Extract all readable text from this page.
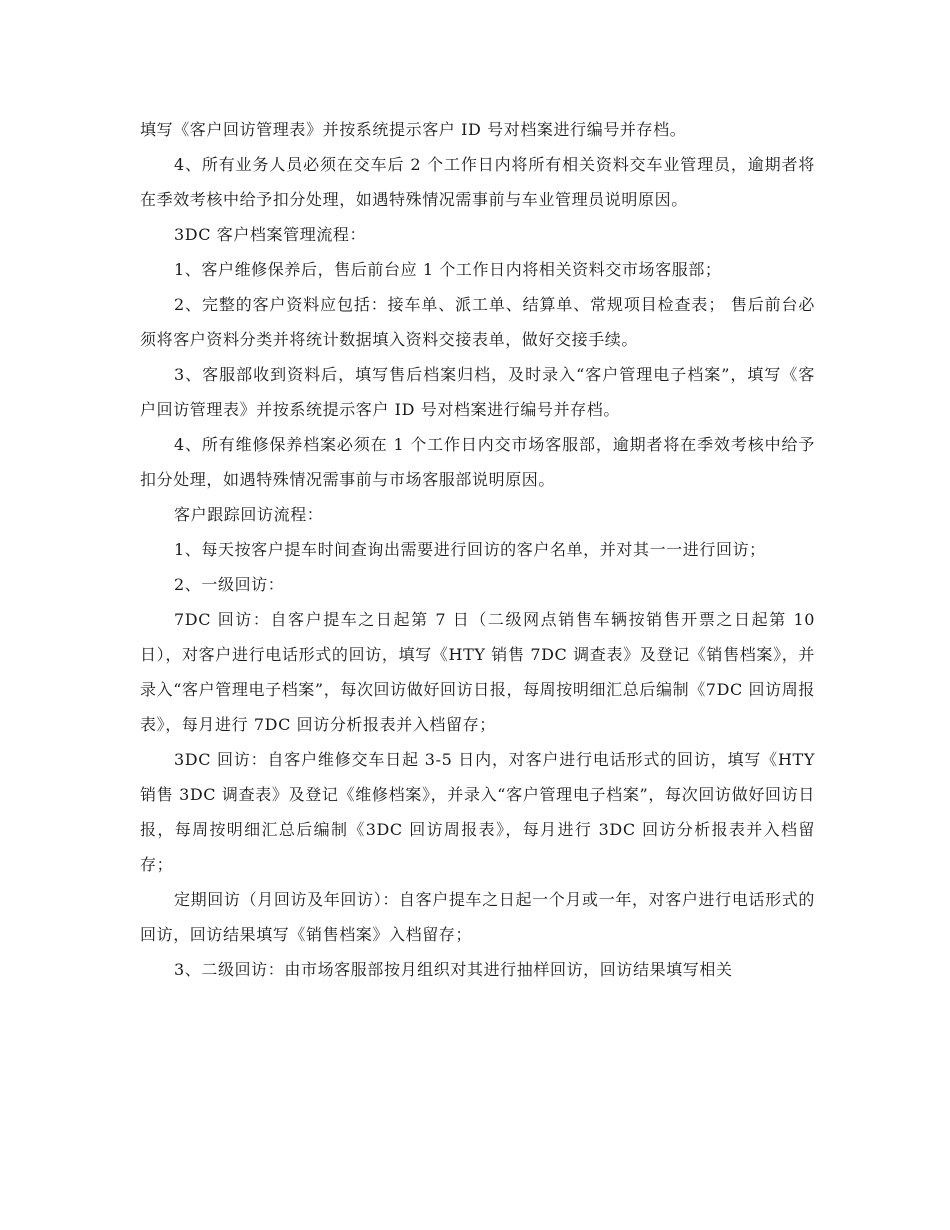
填写《客户回访管理表》并按系统提示客户 ID 号对档案进行编号并存档。

4、所有业务人员必须在交车后 2 个工作日内将所有相关资料交车业管理员，逾期者将在季效考核中给予扣分处理，如遇特殊情况需事前与车业管理员说明原因。

3DC 客户档案管理流程：

1、客户维修保养后，售后前台应 1 个工作日内将相关资料交市场客服部；

2、完整的客户资料应包括：接车单、派工单、结算单、常规项目检查表； 售后前台必须将客户资料分类并将统计数据填入资料交接表单，做好交接手续。

3、客服部收到资料后，填写售后档案归档，及时录入“客户管理电子档案”，填写《客户回访管理表》并按系统提示客户 ID 号对档案进行编号并存档。

4、所有维修保养档案必须在 1 个工作日内交市场客服部，逾期者将在季效考核中给予扣分处理，如遇特殊情况需事前与市场客服部说明原因。

客户跟踪回访流程：

1、每天按客户提车时间查询出需要进行回访的客户名单，并对其一一进行回访；

2、一级回访：

7DC 回访：自客户提车之日起第 7 日（二级网点销售车辆按销售开票之日起第 10 日），对客户进行电话形式的回访，填写《HTY 销售 7DC 调查表》及登记《销售档案》，并录入“客户管理电子档案”，每次回访做好回访日报，每周按明细汇总后编制《7DC 回访周报表》，每月进行 7DC 回访分析报表并入档留存；

3DC 回访：自客户维修交车日起 3-5 日内，对客户进行电话形式的回访，填写《HTY 销售 3DC 调查表》及登记《维修档案》，并录入“客户管理电子档案”，每次回访做好回访日报，每周按明细汇总后编制《3DC 回访周报表》，每月进行 3DC 回访分析报表并入档留存；

定期回访（月回访及年回访）：自客户提车之日起一个月或一年，对客户进行电话形式的回访，回访结果填写《销售档案》入档留存；

3、二级回访：由市场客服部按月组织对其进行抽样回访，回访结果填写相关
